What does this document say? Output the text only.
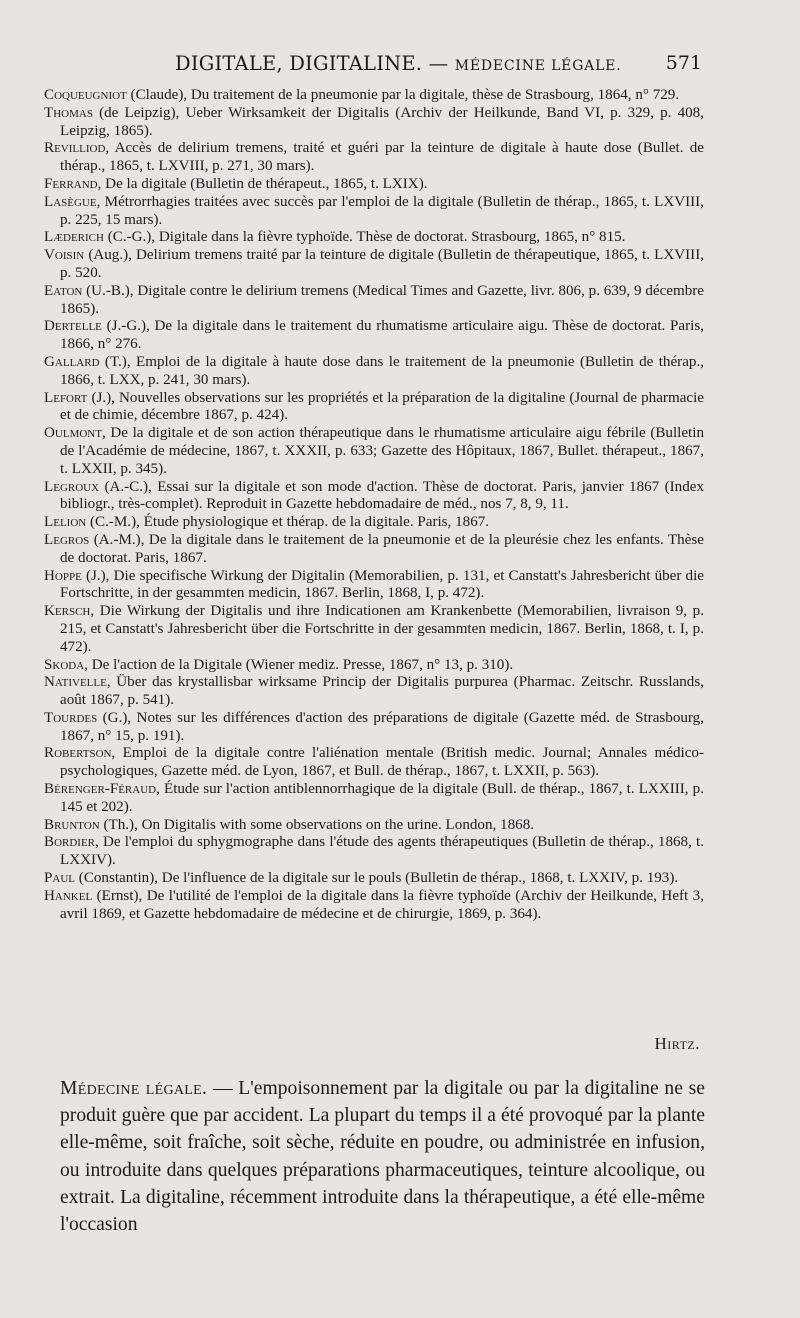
DIGITALE, DIGITALINE. — MÉDECINE LÉGALE. 571
Coqueugniot (Claude), Du traitement de la pneumonie par la digitale, thèse de Strasbourg, 1864, n° 729.
Thomas (de Leipzig), Ueber Wirksamkeit der Digitalis (Archiv der Heilkunde, Band VI, p. 329, p. 408, Leipzig, 1865).
Revilliod, Accès de delirium tremens, traité et guéri par la teinture de digitale à haute dose (Bullet. de thérap., 1865, t. LXVIII, p. 271, 30 mars).
Ferrand, De la digitale (Bulletin de thérapeut., 1865, t. LXIX).
Lasègue, Métrorrhagies traitées avec succès par l'emploi de la digitale (Bulletin de thérap., 1865, t. LXVIII, p. 225, 15 mars).
Læderich (C.-G.), Digitale dans la fièvre typhoïde. Thèse de doctorat. Strasbourg, 1865, n° 815.
Voisin (Aug.), Delirium tremens traité par la teinture de digitale (Bulletin de thérapeutique, 1865, t. LXVIII, p. 520.
Eaton (U.-B.), Digitale contre le delirium tremens (Medical Times and Gazette, livr. 806, p. 639, 9 décembre 1865).
Dertelle (J.-G.), De la digitale dans le traitement du rhumatisme articulaire aigu. Thèse de doctorat. Paris, 1866, n° 276.
Gallard (T.), Emploi de la digitale à haute dose dans le traitement de la pneumonie (Bulletin de thérap., 1866, t. LXX, p. 241, 30 mars).
Lefort (J.), Nouvelles observations sur les propriétés et la préparation de la digitaline (Journal de pharmacie et de chimie, décembre 1867, p. 424).
Oulmont, De la digitale et de son action thérapeutique dans le rhumatisme articulaire aigu fébrile (Bulletin de l'Académie de médecine, 1867, t. XXXII, p. 633; Gazette des Hôpitaux, 1867, Bullet. thérapeut., 1867, t. LXXII, p. 345).
Legroux (A.-C.), Essai sur la digitale et son mode d'action. Thèse de doctorat. Paris, janvier 1867 (Index bibliogr., très-complet). Reproduit in Gazette hebdomadaire de méd., nos 7, 8, 9, 11.
Lelion (C.-M.), Étude physiologique et thérap. de la digitale. Paris, 1867.
Legros (A.-M.), De la digitale dans le traitement de la pneumonie et de la pleurésie chez les enfants. Thèse de doctorat. Paris, 1867.
Hoppe (J.), Die specifische Wirkung der Digitalin (Memorabilien, p. 131, et Canstatt's Jahresbericht über die Fortschritte, in der gesammten medicin, 1867. Berlin, 1868, I, p. 472).
Kersch, Die Wirkung der Digitalis und ihre Indicationen am Krankenbette (Memorabilien, livraison 9, p. 215, et Canstatt's Jahresbericht über die Fortschritte in der gesammten medicin, 1867. Berlin, 1868, t. I, p. 472).
Skoda, De l'action de la Digitale (Wiener mediz. Presse, 1867, n° 13, p. 310).
Nativelle, Über das krystallisbar wirksame Princip der Digitalis purpurea (Pharmac. Zeitschr. Russlands, août 1867, p. 541).
Tourdes (G.), Notes sur les différences d'action des préparations de digitale (Gazette méd. de Strasbourg, 1867, n° 15, p. 191).
Robertson, Emploi de la digitale contre l'aliénation mentale (British medic. Journal; Annales médico-psychologiques, Gazette méd. de Lyon, 1867, et Bull. de thérap., 1867, t. LXXII, p. 563).
Bérenger-Féraud, Étude sur l'action antiblennorrhagique de la digitale (Bull. de thérap., 1867, t. LXXIII, p. 145 et 202).
Brunton (Th.), On Digitalis with some observations on the urine. London, 1868.
Bordier, De l'emploi du sphygmographe dans l'étude des agents thérapeutiques (Bulletin de thérap., 1868, t. LXXIV).
Paul (Constantin), De l'influence de la digitale sur le pouls (Bulletin de thérap., 1868, t. LXXIV, p. 193).
Hankel (Ernst), De l'utilité de l'emploi de la digitale dans la fièvre typhoïde (Archiv der Heilkunde, Heft 3, avril 1869, et Gazette hebdomadaire de médecine et de chirurgie, 1869, p. 364).
Hirtz.
Médecine légale. — L'empoisonnement par la digitale ou par la digitaline ne se produit guère que par accident. La plupart du temps il a été provoqué par la plante elle-même, soit fraîche, soit sèche, réduite en poudre, ou administrée en infusion, ou introduite dans quelques préparations pharmaceutiques, teinture alcoolique, ou extrait. La digitaline, récemment introduite dans la thérapeutique, a été elle-même l'occasion
